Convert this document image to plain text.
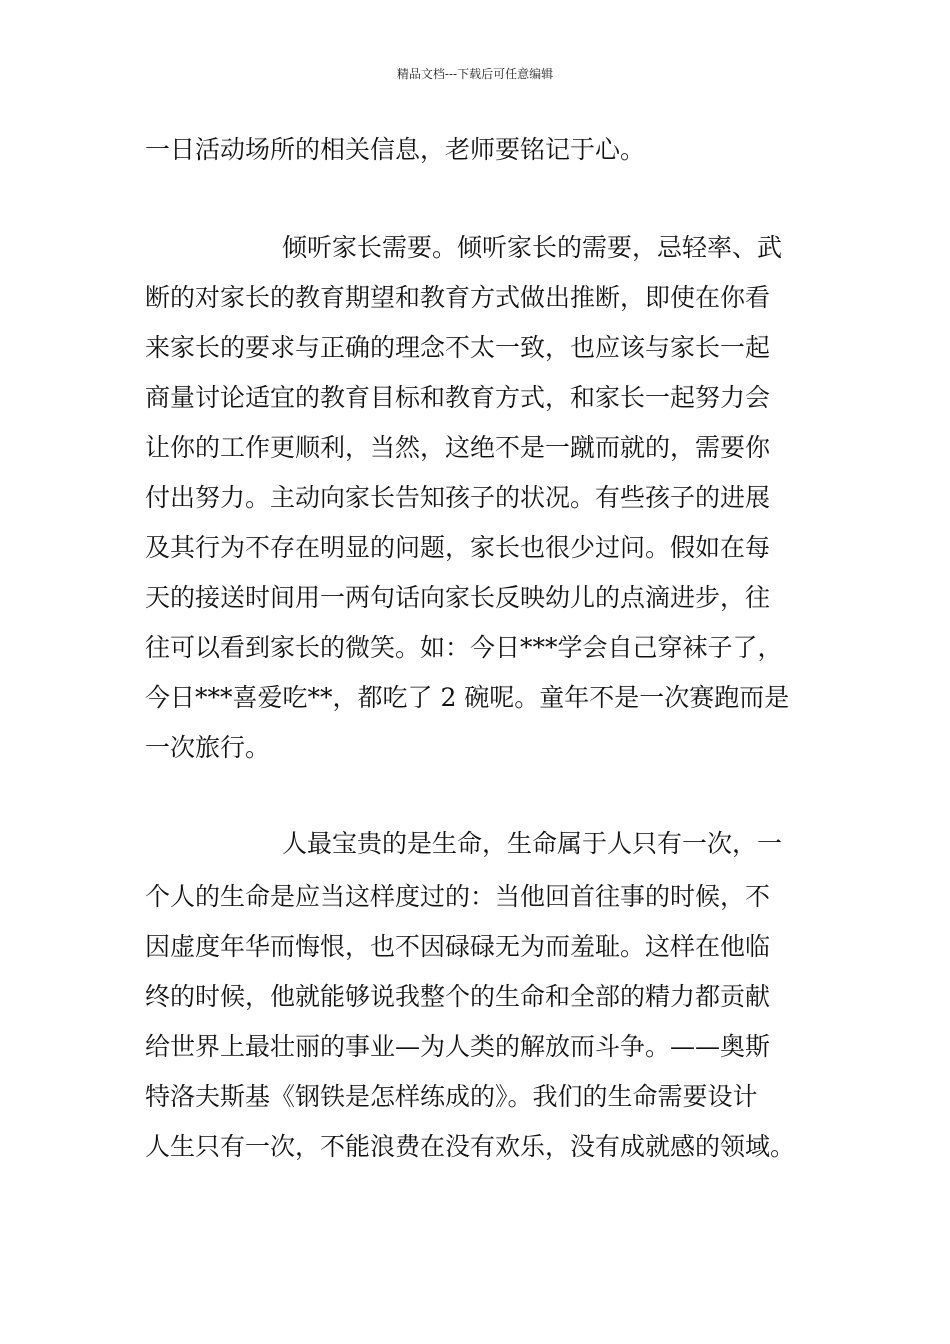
精品文档---下载后可任意编辑
一日活动场所的相关信息，老师要铭记于心。
倾听家长需要。倾听家长的需要，忌轻率、武
断的对家长的教育期望和教育方式做出推断，即使在你看
来家长的要求与正确的理念不太一致，也应该与家长一起
商量讨论适宜的教育目标和教育方式，和家长一起努力会
让你的工作更顺利，当然，这绝不是一蹴而就的，需要你
付出努力。主动向家长告知孩子的状况。有些孩子的进展
及其行为不存在明显的问题，家长也很少过问。假如在每
天的接送时间用一两句话向家长反映幼儿的点滴进步，往
往可以看到家长的微笑。如：今日***学会自己穿袜子了，
今日***喜爱吃**，都吃了 2 碗呢。童年不是一次赛跑而是
一次旅行。
人最宝贵的是生命，生命属于人只有一次，一
个人的生命是应当这样度过的：当他回首往事的时候，不
因虚度年华而悔恨，也不因碌碌无为而羞耻。这样在他临
终的时候，他就能够说我整个的生命和全部的精力都贡献
给世界上最壮丽的事业—为人类的解放而斗争。——奥斯
特洛夫斯基《钢铁是怎样练成的》。我们的生命需要设计
人生只有一次，不能浪费在没有欢乐，没有成就感的领域。
